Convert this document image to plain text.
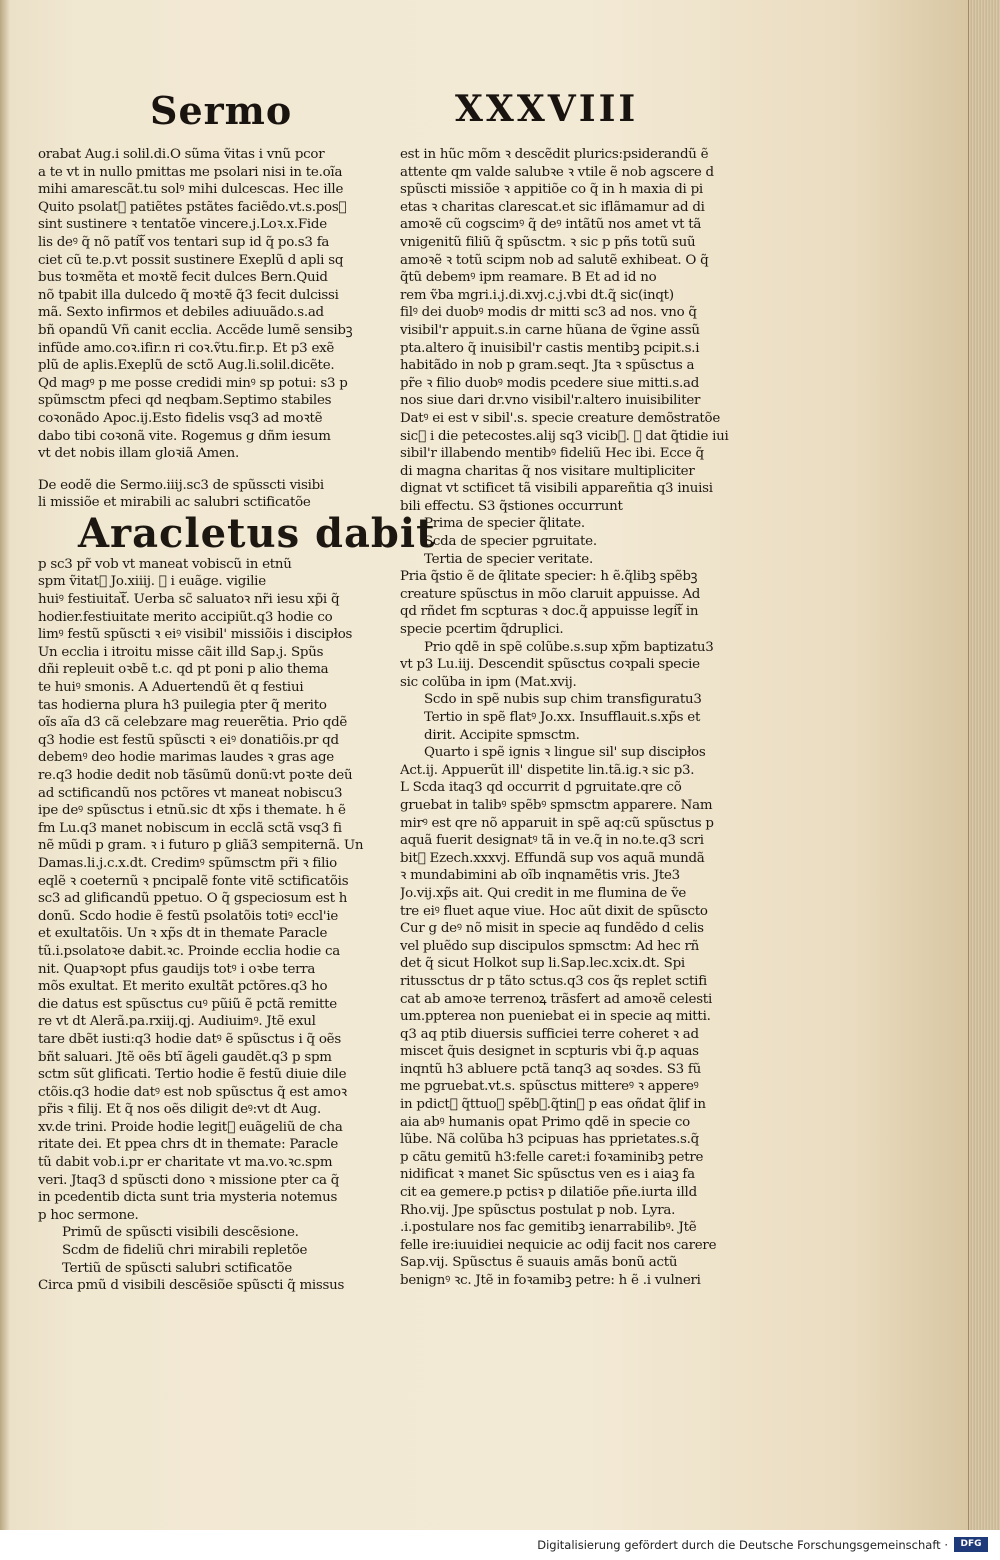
Sermo	XXXVIII
orabat Aug.i solil.di.O sũma ṽitas i vnũ pcor
a te vt in nullo pmittas me psolari nisi in te.oĩa
mihi amarescãt.tu solꝰ mihi dulcescas. Hec ille
Quito psolatᷓ patiẽtes pstãtes faciẽdo.vt.s.posꝰ
sint sustinere ꝛ tentatõe vincere.j.Loꝛ.x.Fide
lis deꝰ q̃ nõ patitᷓ vos tentari sup id q̃ po.s3 fa
ciet cũ te.p.vt possit sustinere Exeplũ d apli sq
bus toꝛmẽta et moꝛtẽ fecit dulces Bern.Quid
nõ tpabit illa dulcedo q̃ moꝛtẽ q̃3 fecit dulcissi
mã. Sexto infirmos et debiles adiuuãdo.s.ad
bñ opandũ Vñ canit ecclia. Accẽde lumẽ sensibꝫ
infũde amo.coꝛ.ifir.n ri coꝛ.ṽtu.fir.p. Et p3 exẽ
plũ de aplis.Exeplũ de sctõ Aug.li.solil.dicẽte.
Qd magꝰ p me posse credidi minꝰ sp potui: s3 p
spũmsctm pfeci qd neqbam.Septimo stabiles
coꝛonãdo Apoc.ij.Esto fidelis vsq3 ad moꝛtẽ
dabo tibi coꝛonã vite. Rogemus g dñm iesum
vt det nobis illam gloꝛiã Amen.
De eodẽ die Sermo.iiij.sc3 de spũsscti visibi
li missiõe et mirabili ac salubri sctificatõe
Aracletus dabit
p sc3 pr̃ vob vt maneat vobiscũ in etnũ
spm ṽitatᷓ Jo.xiiij. ꝛ i euãge. vigilie
huiꝰ festiuitatᷓ. Uerba sc̃ saluatoꝛ nr̃i iesu xp̃i q̃
hodier.festiuitate merito accipiũt.q3 hodie co
limꝰ festũ spũscti ꝛ eiꝰ visibil' missiõis i discipłos
Un ecclia i itroitu misse cãit illd Sap.j. Spũs
dñi repleuit oꝛbẽ t.c. qd pt poni p alio thema
te huiꝰ smonis. A Aduertendũ ẽt q festiui
tas hodierna plura h3 puilegia pter q̃ merito
oĩs aĩa d3 cã celebzare mag reuerẽtia. Prio qdẽ
q3 hodie est festũ spũscti ꝛ eiꝰ donatiõis.pr qd
debemꝰ deo hodie marimas laudes ꝛ gras age
re.q3 hodie dedit nob tãsũmũ donũ:vt poꝛte deũ
ad sctificandũ nos pctõres vt maneat nobiscu3
ipe deꝰ spũsctus i etnũ.sic dt xp̃s i themate. h ẽ
fm Lu.q3 manet nobiscum in ecclã sctã vsq3 fi
nẽ mũdi p gram. ꝛ i futuro p gliã3 sempiternã. Un
Damas.li.j.c.x.dt. Credimꝰ spũmsctm pr̃i ꝛ filio
eqlẽ ꝛ coeternũ ꝛ pncipalẽ fonte vitẽ sctificatõis
sc3 ad glificandũ ppetuo. O q̃ gspeciosum est h
donũ. Scdo hodie ẽ festũ psolatõis totiꝰ eccl'ie
et exultatõis. Un ꝛ xp̃s dt in themate Paracle
tũ.i.psolatoꝛe dabit.ꝛc. Proinde ecclia hodie ca
nit. Quapꝛopt pfus gaudijs totꝰ i oꝛbe terra
mõs exultat. Et merito exultãt pctõres.q3 ho
die datus est spũsctus cuꝰ pũiũ ẽ pctã remitte
re vt dt Alerã.pa.rxiij.qj. Audiuimꝰ. Jtẽ exul
tare dbẽt iusti:q3 hodie datꝰ ẽ spũsctus i q̃ oẽs
bñt saluari. Jtẽ oẽs btĩ ãgeli gaudẽt.q3 p spm
sctm sũt glificati. Tertio hodie ẽ festũ diuie dile
ctõis.q3 hodie datꝰ est nob spũsctus q̃ est amoꝛ
pr̃is ꝛ filij. Et q̃ nos oẽs diligit deꝰ:vt dt Aug.
xv.de trini. Proide hodie legitᷓ euãgeliũ de cha
ritate dei. Et ppea chrs dt in themate: Paracle
tũ dabit vob.i.pr er charitate vt ma.vo.ꝛc.spm
veri. Jtaq3 d spũscti dono ꝛ missione pter ca q̃
in pcedentib dicta sunt tria mysteria notemus
p hoc sermone.
Primũ de spũscti visibili descẽsione.
Scdm de fideliũ chri mirabili repletõe
Tertiũ de spũscti salubri sctificatõe
Circa pmũ d visibili descẽsiõe spũscti q̃ missus
est in hũc mõm ꝛ descẽdit plurics:psiderandũ ẽ
attente qm valde salubꝛe ꝛ vtile ẽ nob agscere d
spũscti missiõe ꝛ appitiõe co q̃ in h maxia di pi
etas ꝛ charitas clarescat.et sic iflãmamur ad di
amoꝛẽ cũ cogscimꝰ q̃ deꝰ intãtũ nos amet vt tã
vnigenitũ filiũ q̃ spũsctm. ꝛ sic p pñs totũ suũ
amoꝛẽ ꝛ totũ scipm nob ad salutẽ exhibeat. O q̃
q̃tũ debemꝰ ipm reamare. B Et ad id no
rem ṽba mgri.i.j.di.xvj.c.j.vbi dt.q̃ sic(inqt)
filꝰ dei duobꝰ modis dr mitti sc3 ad nos. vno q̃
visibil'r appuit.s.in carne hũana de ṽgine assũ
pta.altero q̃ inuisibil'r castis mentibꝫ pcipit.s.i
habitãdo in nob p gram.seqt. Jta ꝛ spũsctus a
pr̃e ꝛ filio duobꝰ modis pcedere siue mitti.s.ad
nos siue dari dr.vno visibil'r.altero inuisibiliter
Datꝰ ei est v sibil'.s. specie creature demõstratõe
sicᷓ i die petecostes.alij sq3 vicibꝰ. ꝛ dat q̃tidie iui
sibil'r illabendo mentibꝰ fideliũ Hec ibi. Ecce q̃
di magna charitas q̃ nos visitare multipliciter
dignat vt sctificet tã visibili appareñtia q3 inuisi
bili effectu. S3 q̃stiones occurrunt
Prima de specier q̃litate.
Scda de specier pgruitate.
Tertia de specier veritate.
Pria q̃stio ẽ de q̃litate specier: h ẽ.q̃libꝫ spẽbꝫ
creature spũsctus in mõo claruit appuisse. Ad
qd rñdet fm scpturas ꝛ doc.q̃ appuisse legitᷓ in
specie pcertim q̃druplici.
Prio qdẽ in spẽ colũbe.s.sup xp̃m baptizatu3
vt p3 Lu.iij. Descendit spũsctus coꝛpali specie
sic colũba in ipm (Mat.xvij.
Scdo in spẽ nubis sup chim transfiguratu3
Tertio in spẽ flatꝰ Jo.xx. Insufflauit.s.xp̃s et
dirit. Accipite spmsctm.
Quarto i spẽ ignis ꝛ lingue sil' sup discipłos
Act.ij. Appuerũt ill' dispetite lin.tã.ig.ꝛ sic p3.
L Scda itaq3 qd occurrit d pgruitate.qre cõ
gruebat in talibꝰ spẽbꝰ spmsctm apparere. Nam
mirꝰ est qre nõ apparuit in spẽ aq:cũ spũsctus p
aquã fuerit designatꝰ tã in ve.q̃ in no.te.q3 scri
bitᷓ Ezech.xxxvj. Effundã sup vos aquã mundã
ꝛ mundabimini ab oĩb inqnamẽtis vris. Jte3
Jo.vij.xp̃s ait. Qui credit in me flumina de ṽe
tre eiꝰ fluet aque viue. Hoc aũt dixit de spũscto
Cur g deꝰ nõ misit in specie aq fundẽdo d celis
vel pluẽdo sup discipulos spmsctm: Ad hec rñ
det q̃ sicut Holkot sup li.Sap.lec.xcix.dt. Spi
ritussctus dr p tãto sctus.q3 cos q̃s replet sctifi
cat ab amoꝛe terrenoꝝ trãsfert ad amoꝛẽ celesti
um.ppterea non pueniebat ei in specie aq mitti.
q3 aq ptib diuersis sufficiei terre coheret ꝛ ad
miscet q̃uis designet in scpturis vbi q̃.p aquas
inqntũ h3 abluere pctã tanq3 aq soꝛdes. S3 fũ
me pgruebat.vt.s. spũsctus mittereꝰ ꝛ appereꝰ
in pdictᷓ q̃ttuoꝛ spẽbꝰ.q̃tinꝰ p eas oñdat q̃lif in
aia abꝰ humanis opat Primo qdẽ in specie co
lũbe. Nã colũba h3 pcipuas has pprietates.s.q̃
p cãtu gemitũ h3:felle caret:i foꝛaminibꝫ petre
nidificat ꝛ manet Sic spũsctus ven es i aiaꝫ fa
cit ea gemere.p pctisꝛ p dilatiõe pñe.iurta illd
Rho.vij. Jpe spũsctus postulat p nob. Lyra.
.i.postulare nos fac gemitibꝫ ienarrabilibꝰ. Jtẽ
felle ire:iuuidiei nequicie ac odij facit nos carere
Sap.vij. Spũsctus ẽ suauis amãs bonũ actũ
benignꝰ ꝛc. Jtẽ in foꝛamibꝫ petre: h ẽ .i vulneri
Digitalisierung gefördert durch die Deutsche Forschungsgemeinschaft ·	DFG
